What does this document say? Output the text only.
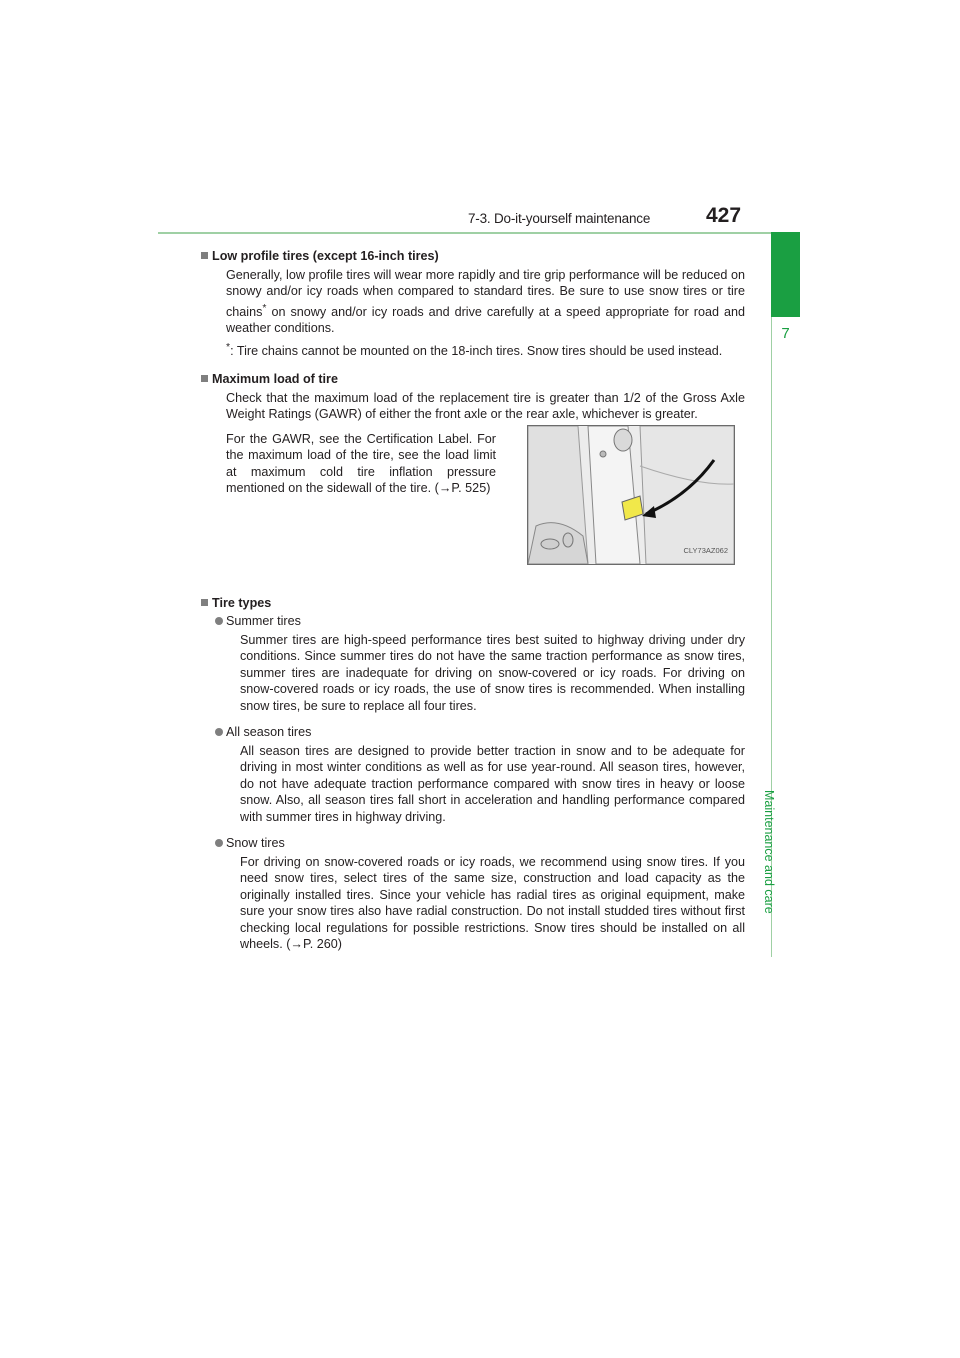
7-3. Do-it-yourself maintenance	427
7
Maintenance and care
Low profile tires (except 16-inch tires)

Generally, low profile tires will wear more rapidly and tire grip performance will be reduced on snowy and/or icy roads when compared to standard tires. Be sure to use snow tires or tire chains* on snowy and/or icy roads and drive carefully at a speed appropriate for road and weather conditions.

*: Tire chains cannot be mounted on the 18-inch tires. Snow tires should be used instead.

Maximum load of tire

Check that the maximum load of the replacement tire is greater than 1/2 of the Gross Axle Weight Ratings (GAWR) of either the front axle or the rear axle, whichever is greater.

For the GAWR, see the Certification Label. For the maximum load of the tire, see the load limit at maximum cold tire inflation pressure mentioned on the sidewall of the tire. (→P. 525)
CLY73AZ062
Tire types
Summer tires

Summer tires are high-speed performance tires best suited to highway driving under dry conditions. Since summer tires do not have the same traction performance as snow tires, summer tires are inadequate for driving on snow-covered or icy roads. For driving on snow-covered roads or icy roads, the use of snow tires is recommended. When installing snow tires, be sure to replace all four tires.

All season tires

All season tires are designed to provide better traction in snow and to be adequate for driving in most winter conditions as well as for use year-round. All season tires, however, do not have adequate traction performance compared with snow tires in heavy or loose snow. Also, all season tires fall short in acceleration and handling performance compared with summer tires in highway driving.

Snow tires

For driving on snow-covered roads or icy roads, we recommend using snow tires. If you need snow tires, select tires of the same size, construction and load capacity as the originally installed tires. Since your vehicle has radial tires as original equipment, make sure your snow tires also have radial construction. Do not install studded tires without first checking local regulations for possible restrictions. Snow tires should be installed on all wheels. (→P. 260)
